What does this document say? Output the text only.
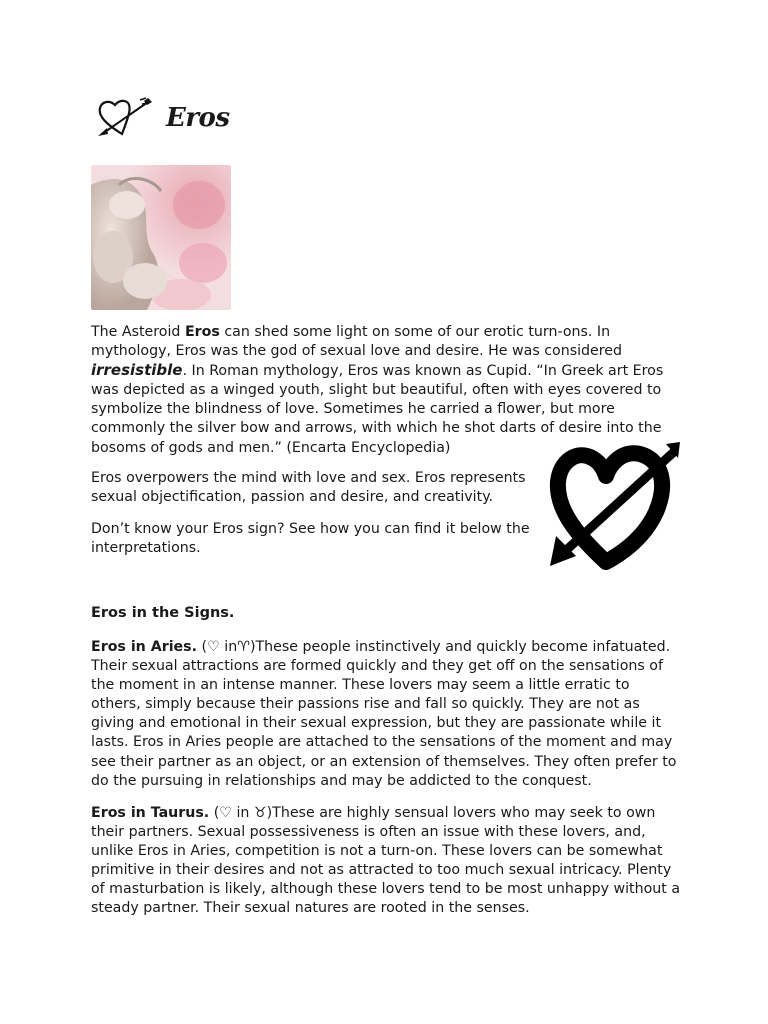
Eros

The Asteroid Eros can shed some light on some of our erotic turn-ons. In mythology, Eros was the god of sexual love and desire. He was considered irresistible. In Roman mythology, Eros was known as Cupid. “In Greek art Eros was depicted as a winged youth, slight but beautiful, often with eyes covered to symbolize the blindness of love. Sometimes he carried a flower, but more commonly the silver bow and arrows, with which he shot darts of desire into the bosoms of gods and men.” (Encarta Encyclopedia)

Eros overpowers the mind with love and sex. Eros represents sexual objectification, passion and desire, and creativity.

Don’t know your Eros sign? See how you can find it below the interpretations.

Eros in the Signs.

Eros in Aries. (♡ in♈)These people instinctively and quickly become infatuated. Their sexual attractions are formed quickly and they get off on the sensations of the moment in an intense manner. These lovers may seem a little erratic to others, simply because their passions rise and fall so quickly. They are not as giving and emotional in their sexual expression, but they are passionate while it lasts. Eros in Aries people are attached to the sensations of the moment and may see their partner as an object, or an extension of themselves. They often prefer to do the pursuing in relationships and may be addicted to the conquest.

Eros in Taurus. (♡ in ♉)These are highly sensual lovers who may seek to own their partners. Sexual possessiveness is often an issue with these lovers, and, unlike Eros in Aries, competition is not a turn-on. These lovers can be somewhat primitive in their desires and not as attracted to too much sexual intricacy. Plenty of masturbation is likely, although these lovers tend to be most unhappy without a steady partner. Their sexual natures are rooted in the senses.
